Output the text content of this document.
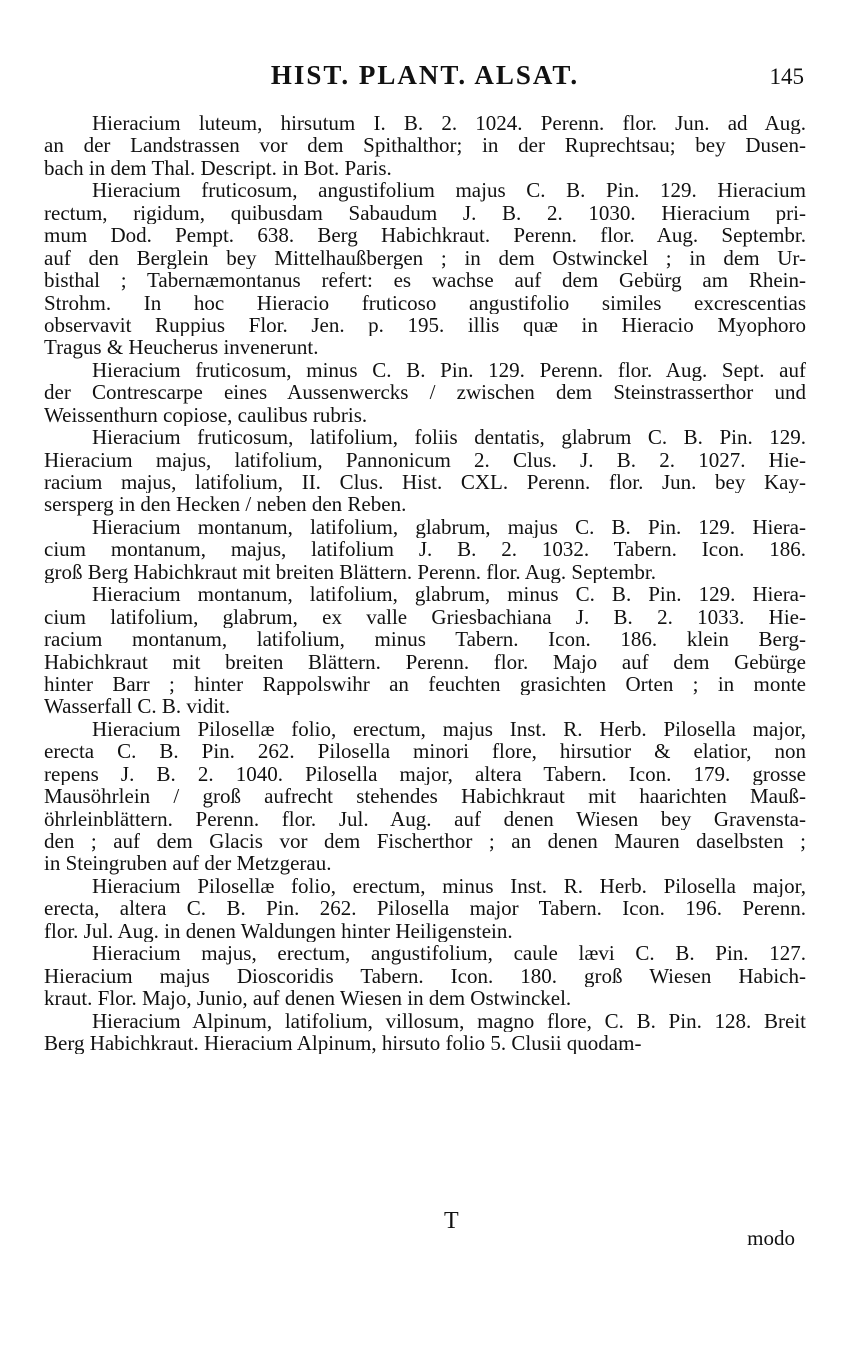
HIST. PLANT. ALSAT.	145
Hieracium luteum, hirsutum I. B. 2. 1024. Perenn. flor. Jun. ad Aug.
an der Landstrassen vor dem Spithalthor; in der Ruprechtsau; bey Dusen-
bach in dem Thal. Descript. in Bot. Paris.
Hieracium fruticosum, angustifolium majus C. B. Pin. 129. Hieracium
rectum, rigidum, quibusdam Sabaudum J. B. 2. 1030. Hieracium pri-
mum Dod. Pempt. 638. Berg Habichkraut. Perenn. flor. Aug. Septembr.
auf den Berglein bey Mittelhaußbergen ; in dem Ostwinckel ; in dem Ur-
bisthal ; Tabernæmontanus refert: es wachse auf dem Gebürg am Rhein-
Strohm. In hoc Hieracio fruticoso angustifolio similes excrescentias
observavit Ruppius Flor. Jen. p. 195. illis quæ in Hieracio Myophoro
Tragus & Heucherus invenerunt.
Hieracium fruticosum, minus C. B. Pin. 129. Perenn. flor. Aug. Sept. auf
der Contrescarpe eines Aussenwercks / zwischen dem Steinstrasserthor und
Weissenthurn copiose, caulibus rubris.
Hieracium fruticosum, latifolium, foliis dentatis, glabrum C. B. Pin. 129.
Hieracium majus, latifolium, Pannonicum 2. Clus. J. B. 2. 1027. Hie-
racium majus, latifolium, II. Clus. Hist. CXL. Perenn. flor. Jun. bey Kay-
sersperg in den Hecken / neben den Reben.
Hieracium montanum, latifolium, glabrum, majus C. B. Pin. 129. Hiera-
cium montanum, majus, latifolium J. B. 2. 1032. Tabern. Icon. 186.
groß Berg Habichkraut mit breiten Blättern. Perenn. flor. Aug. Septembr.
Hieracium montanum, latifolium, glabrum, minus C. B. Pin. 129. Hiera-
cium latifolium, glabrum, ex valle Griesbachiana J. B. 2. 1033. Hie-
racium montanum, latifolium, minus Tabern. Icon. 186. klein Berg-
Habichkraut mit breiten Blättern. Perenn. flor. Majo auf dem Gebürge
hinter Barr ; hinter Rappolswihr an feuchten grasichten Orten ; in monte
Wasserfall C. B. vidit.
Hieracium Pilosellæ folio, erectum, majus Inst. R. Herb. Pilosella major,
erecta C. B. Pin. 262. Pilosella minori flore, hirsutior & elatior, non
repens J. B. 2. 1040. Pilosella major, altera Tabern. Icon. 179. grosse
Mausöhrlein / groß aufrecht stehendes Habichkraut mit haarichten Mauß-
öhrleinblättern. Perenn. flor. Jul. Aug. auf denen Wiesen bey Gravensta-
den ; auf dem Glacis vor dem Fischerthor ; an denen Mauren daselbsten ;
in Steingruben auf der Metzgerau.
Hieracium Pilosellæ folio, erectum, minus Inst. R. Herb. Pilosella major,
erecta, altera C. B. Pin. 262. Pilosella major Tabern. Icon. 196. Perenn.
flor. Jul. Aug. in denen Waldungen hinter Heiligenstein.
Hieracium majus, erectum, angustifolium, caule lævi C. B. Pin. 127.
Hieracium majus Dioscoridis Tabern. Icon. 180. groß Wiesen Habich-
kraut. Flor. Majo, Junio, auf denen Wiesen in dem Ostwinckel.
Hieracium Alpinum, latifolium, villosum, magno flore, C. B. Pin. 128. Breit
Berg Habichkraut. Hieracium Alpinum, hirsuto folio 5. Clusii quodam-
T
modo
